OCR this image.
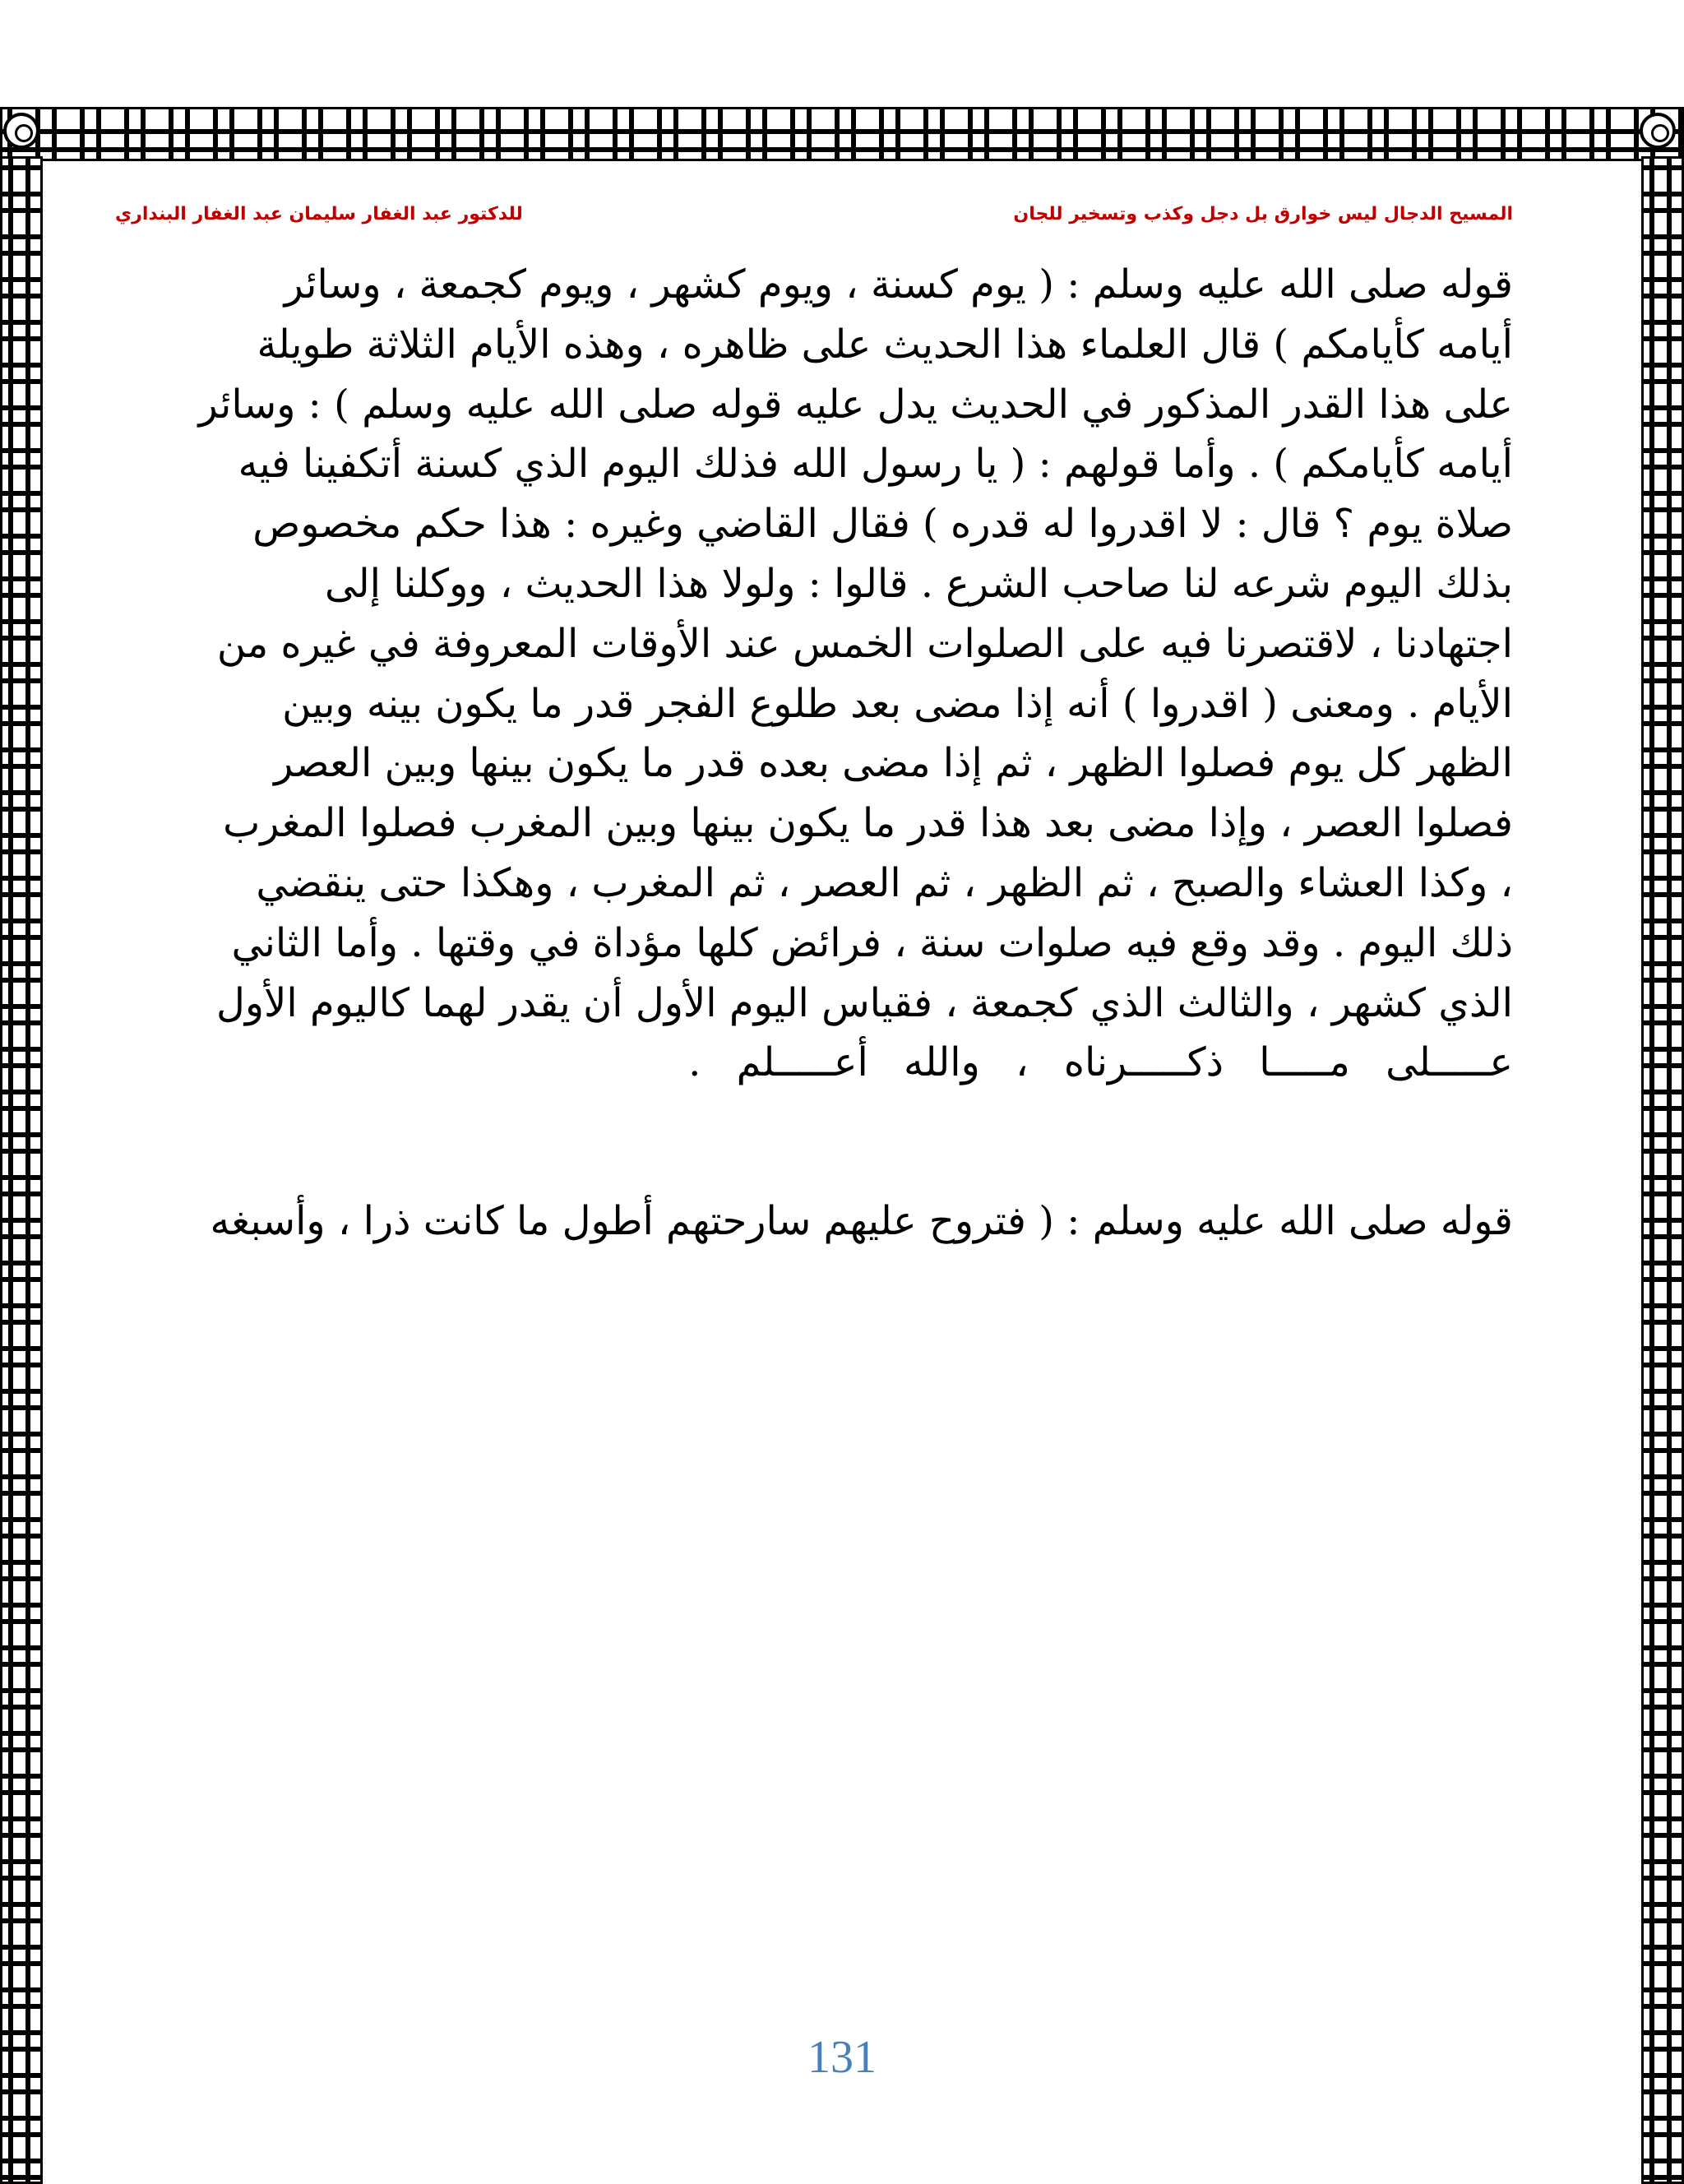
المسيح الدجال ليس خوارق بل دجل وكذب وتسخير للجان
للدكتور عبد الغفار سليمان عبد الغفار البنداري

قوله صلى الله عليه وسلم : ( يوم كسنة ، ويوم كشهر ، ويوم كجمعة ، وسائر

أيامه كأيامكم ) قال العلماء هذا الحديث على ظاهره ، وهذه الأيام الثلاثة طويلة

على هذا القدر المذكور في الحديث يدل عليه قوله صلى الله عليه وسلم ) : وسائر

أيامه كأيامكم ) . وأما قولهم : ( يا رسول الله فذلك اليوم الذي كسنة أتكفينا فيه

صلاة يوم ؟ قال : لا اقدروا له قدره ) فقال القاضي وغيره : هذا حكم مخصوص

بذلك اليوم شرعه لنا صاحب الشرع . قالوا : ولولا هذا الحديث ، ووكلنا إلى

اجتهادنا ، لاقتصرنا فيه على الصلوات الخمس عند الأوقات المعروفة في غيره من

الأيام . ومعنى ( اقدروا ) أنه إذا مضى بعد طلوع الفجر قدر ما يكون بينه وبين

الظهر كل يوم فصلوا الظهر ، ثم إذا مضى بعده قدر ما يكون بينها وبين العصر

فصلوا العصر ، وإذا مضى بعد هذا قدر ما يكون بينها وبين المغرب فصلوا المغرب

، وكذا العشاء والصبح ، ثم الظهر ، ثم العصر ، ثم المغرب ، وهكذا حتى ينقضي

ذلك اليوم . وقد وقع فيه صلوات سنة ، فرائض كلها مؤداة في وقتها . وأما الثاني

الذي كشهر ، والثالث الذي كجمعة ، فقياس اليوم الأول أن يقدر لهما كاليوم الأول

عـــــلى مـــــا ذكـــــرناه ، والله أعـــــلم .

قوله صلى الله عليه وسلم : ( فتروح عليهم سارحتهم أطول ما كانت ذرا ، وأسبغه

131
